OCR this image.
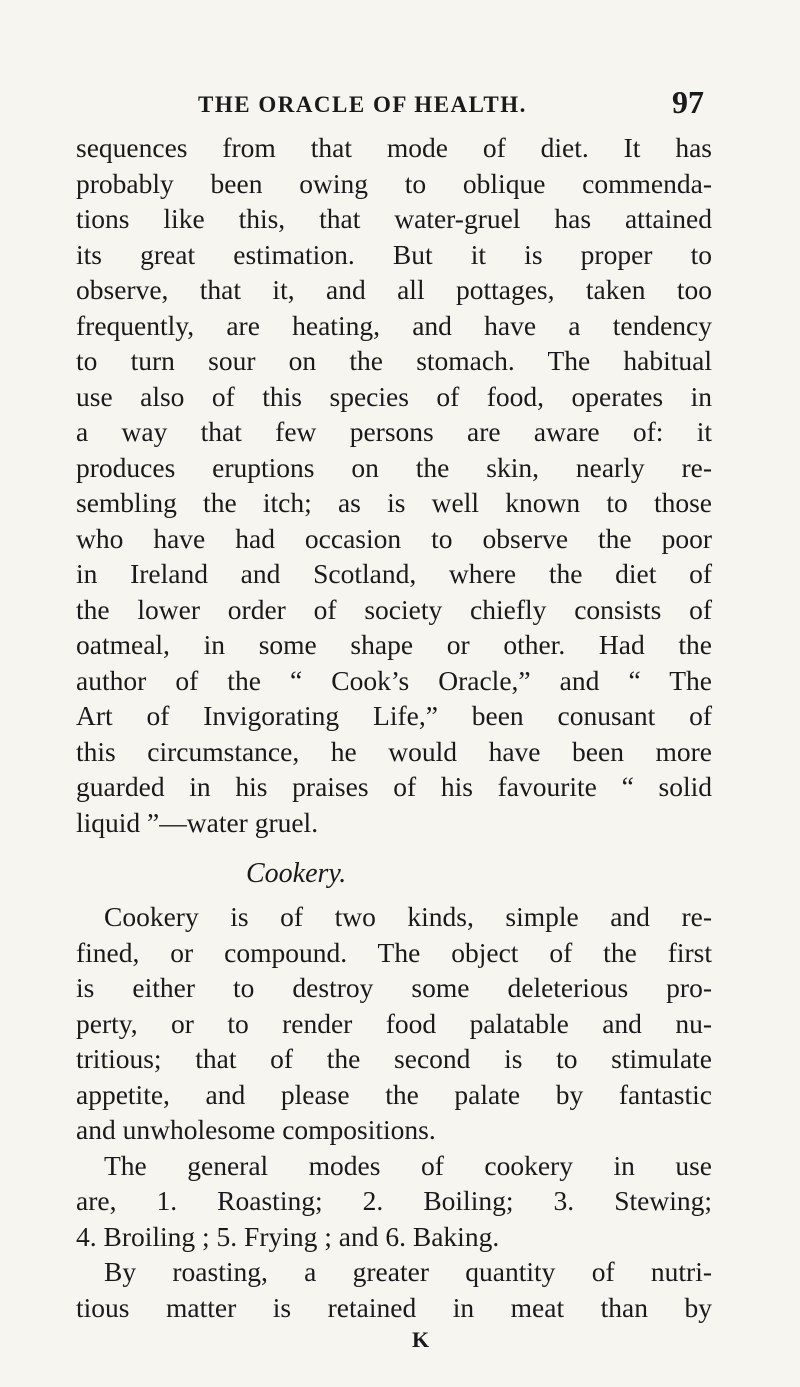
THE ORACLE OF HEALTH.	97
sequences from that mode of diet. It has
probably been owing to oblique commenda-
tions like this, that water-gruel has attained
its great estimation. But it is proper to
observe, that it, and all pottages, taken too
frequently, are heating, and have a tendency
to turn sour on the stomach. The habitual
use also of this species of food, operates in
a way that few persons are aware of: it
produces eruptions on the skin, nearly re-
sembling the itch; as is well known to those
who have had occasion to observe the poor
in Ireland and Scotland, where the diet of
the lower order of society chiefly consists of
oatmeal, in some shape or other. Had the
author of the “ Cook’s Oracle,” and “ The
Art of Invigorating Life,” been conusant of
this circumstance, he would have been more
guarded in his praises of his favourite “ solid
liquid ”—water gruel.
Cookery.
Cookery is of two kinds, simple and re-
fined, or compound. The object of the first
is either to destroy some deleterious pro-
perty, or to render food palatable and nu-
tritious; that of the second is to stimulate
appetite, and please the palate by fantastic
and unwholesome compositions.
The general modes of cookery in use
are, 1. Roasting; 2. Boiling; 3. Stewing;
4. Broiling ; 5. Frying ; and 6. Baking.
By roasting, a greater quantity of nutri-
tious matter is retained in meat than by
K
